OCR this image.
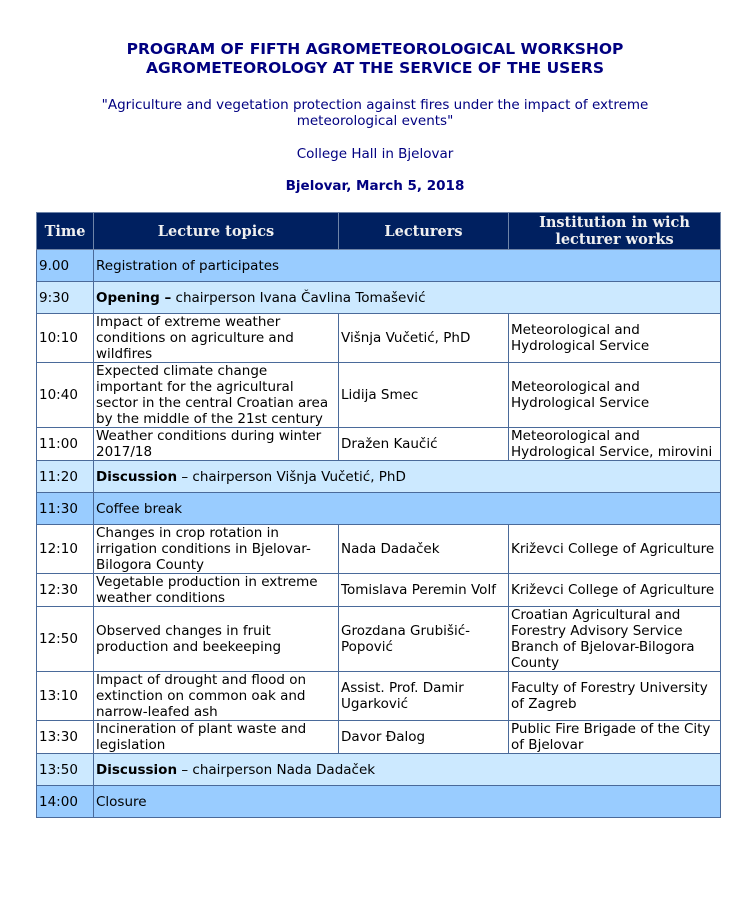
PROGRAM OF FIFTH AGROMETEOROLOGICAL WORKSHOP
AGROMETEOROLOGY AT THE SERVICE OF THE USERS
"Agriculture and vegetation protection against fires under the impact of extreme
meteorological events"
College Hall in Bjelovar
Bjelovar, March 5, 2018
Time	Lecture topics	Lecturers	Institution in wich lecturer works
9.00	Registration of participates		
9:30	Opening – chairperson Ivana Čavlina Tomašević		
10:10	Impact of extreme weather conditions on agriculture and wildfires	Višnja Vučetić, PhD	Meteorological and Hydrological Service
10:40	Expected climate change important for the agricultural sector in the central Croatian area by the middle of the 21st century	Lidija Smec	Meteorological and Hydrological Service
11:00	Weather conditions during winter 2017/18	Dražen Kaučić	Meteorological and Hydrological Service, mirovini
11:20	Discussion – chairperson Višnja Vučetić, PhD		
11:30	Coffee break		
12:10	Changes in crop rotation in irrigation conditions in Bjelovar-Bilogora County	Nada Dadaček	Križevci College of Agriculture
12:30	Vegetable production in extreme weather conditions	Tomislava Peremin Volf	Križevci College of Agriculture
12:50	Observed changes in fruit production and beekeeping	Grozdana Grubišić-Popović	Croatian Agricultural and Forestry Advisory Service Branch of Bjelovar-Bilogora County
13:10	Impact of drought and flood on extinction on common oak and narrow-leafed ash	Assist. Prof. Damir Ugarković	Faculty of Forestry University of Zagreb
13:30	Incineration of plant waste and legislation	Davor Đalog	Public Fire Brigade of the City of Bjelovar
13:50	Discussion – chairperson Nada Dadaček		
14:00	Closure		
